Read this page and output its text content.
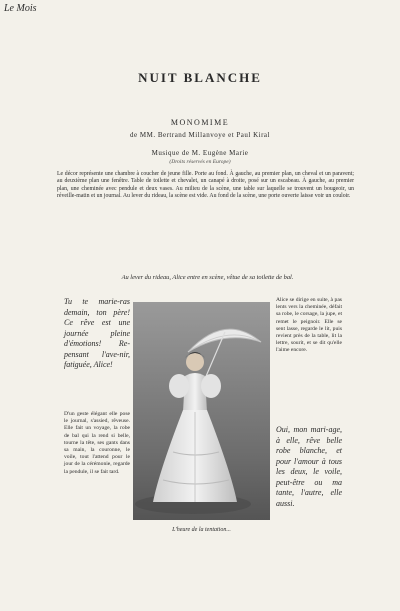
Le Mois
NUIT BLANCHE
MONOMIME
de MM. Bertrand Millanvoye et Paul Kiral
Musique de M. Eugène Marie
(Droits réservés en Europe)
Le décor représente une chambre à coucher de jeune fille. Porte au fond. À gauche, au premier plan, un cheval et un paravent; au deuxième plan une fenêtre. Table de toilette et chevalet, un canapé à droite, posé sur un escabeau. À gauche, au premier plan, une cheminée avec pendule et deux vases. Au milieu de la scène, une table sur laquelle se trouvent un bougeoir, un réveille-matin et un journal. Au lever du rideau, la scène est vide. Au fond de la scène, une porte ouverte laisse voir un couloir.
Au lever du rideau, Alice entre en scène, vêtue de sa toilette de bal.
Tu te marie-ras demain, ton père! Ce rêve est une journée pleine d'émotions! Re-pensant l'ave-nir, fatiguée, Alice!
D'un geste élégant elle pose le journal, s'assied, rêveuse. Elle fait un voyage, la robe de bal qui la rend si belle, tourne la tête, ses gants dans sa main, la couronne, le voile, tout l'attend pour le jour de la cérémonie, regarde la pendule, il se fait tard.
L'heure de la tentation...
Alice se dirige en suite, à pas lents vers la cheminée, défait sa robe, le corsage, la jupe, et remet le peignoir. Elle se sent lasse, regarde le lit, puis revient près de la table, lit la lettre, sourit, et se dit qu'elle l'aime encore.
Oui, mon mari-age, à elle, rêve belle robe blanche, et pour l'amour à tous les deux, le voile, peut-être ou ma tante, l'autre, elle aussi.
